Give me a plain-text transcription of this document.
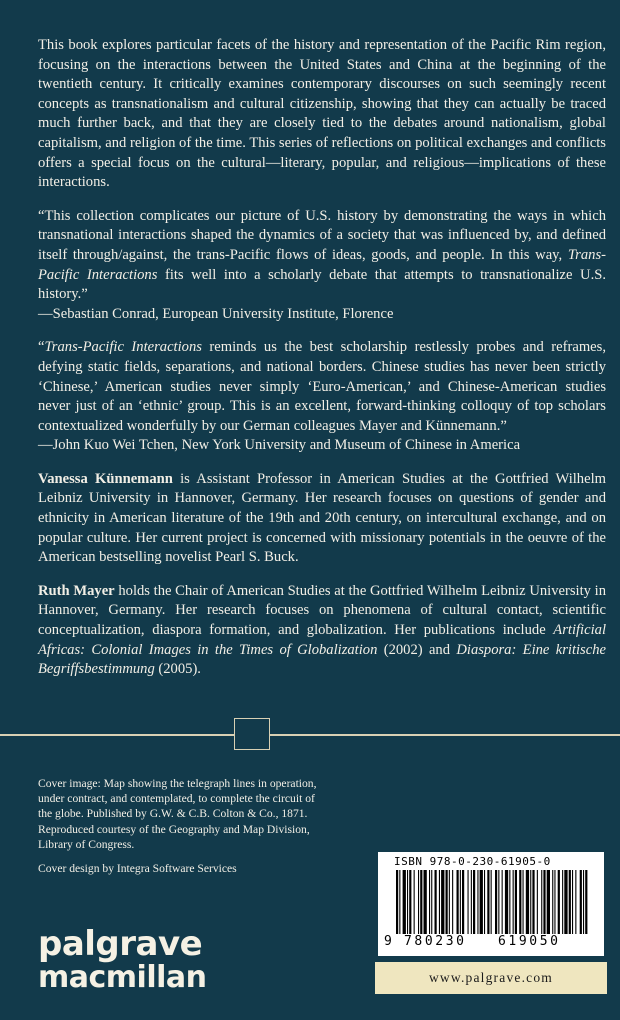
This book explores particular facets of the history and representation of the Pacific Rim region, focusing on the interactions between the United States and China at the beginning of the twentieth century. It critically examines contemporary discourses on such seemingly recent concepts as transnationalism and cultural citizenship, showing that they can actually be traced much further back, and that they are closely tied to the debates around nationalism, global capitalism, and religion of the time. This series of reflections on political exchanges and conflicts offers a special focus on the cultural—literary, popular, and religious—implications of these interactions.

“This collection complicates our picture of U.S. history by demonstrating the ways in which transnational interactions shaped the dynamics of a society that was influenced by, and defined itself through/against, the trans-Pacific flows of ideas, goods, and people. In this way, Trans-Pacific Interactions fits well into a scholarly debate that attempts to transnationalize U.S. history.”

—Sebastian Conrad, European University Institute, Florence

“Trans-Pacific Interactions reminds us the best scholarship restlessly probes and reframes, defying static fields, separations, and national borders. Chinese studies has never been strictly ‘Chinese,’ American studies never simply ‘Euro-American,’ and Chinese-American studies never just of an ‘ethnic’ group. This is an excellent, forward-thinking colloquy of top scholars contextualized wonderfully by our German colleagues Mayer and Künnemann.”

—John Kuo Wei Tchen, New York University and Museum of Chinese in America

Vanessa Künnemann is Assistant Professor in American Studies at the Gottfried Wilhelm Leibniz University in Hannover, Germany. Her research focuses on questions of gender and ethnicity in American literature of the 19th and 20th century, on intercultural exchange, and on popular culture. Her current project is concerned with missionary potentials in the oeuvre of the American bestselling novelist Pearl S. Buck.

Ruth Mayer holds the Chair of American Studies at the Gottfried Wilhelm Leibniz University in Hannover, Germany. Her research focuses on phenomena of cultural contact, scientific conceptualization, diaspora formation, and globalization. Her publications include Artificial Africas: Colonial Images in the Times of Globalization (2002) and Diaspora: Eine kritische Begriffsbestimmung (2005).

Cover image: Map showing the telegraph lines in operation, under contract, and contemplated, to complete the circuit of the globe. Published by G.W. & C.B. Colton & Co., 1871. Reproduced courtesy of the Geography and Map Division, Library of Congress.

Cover design by Integra Software Services

palgrave
macmillan
ISBN 978-0-230-61905-0
9 780230 619050
www.palgrave.com
